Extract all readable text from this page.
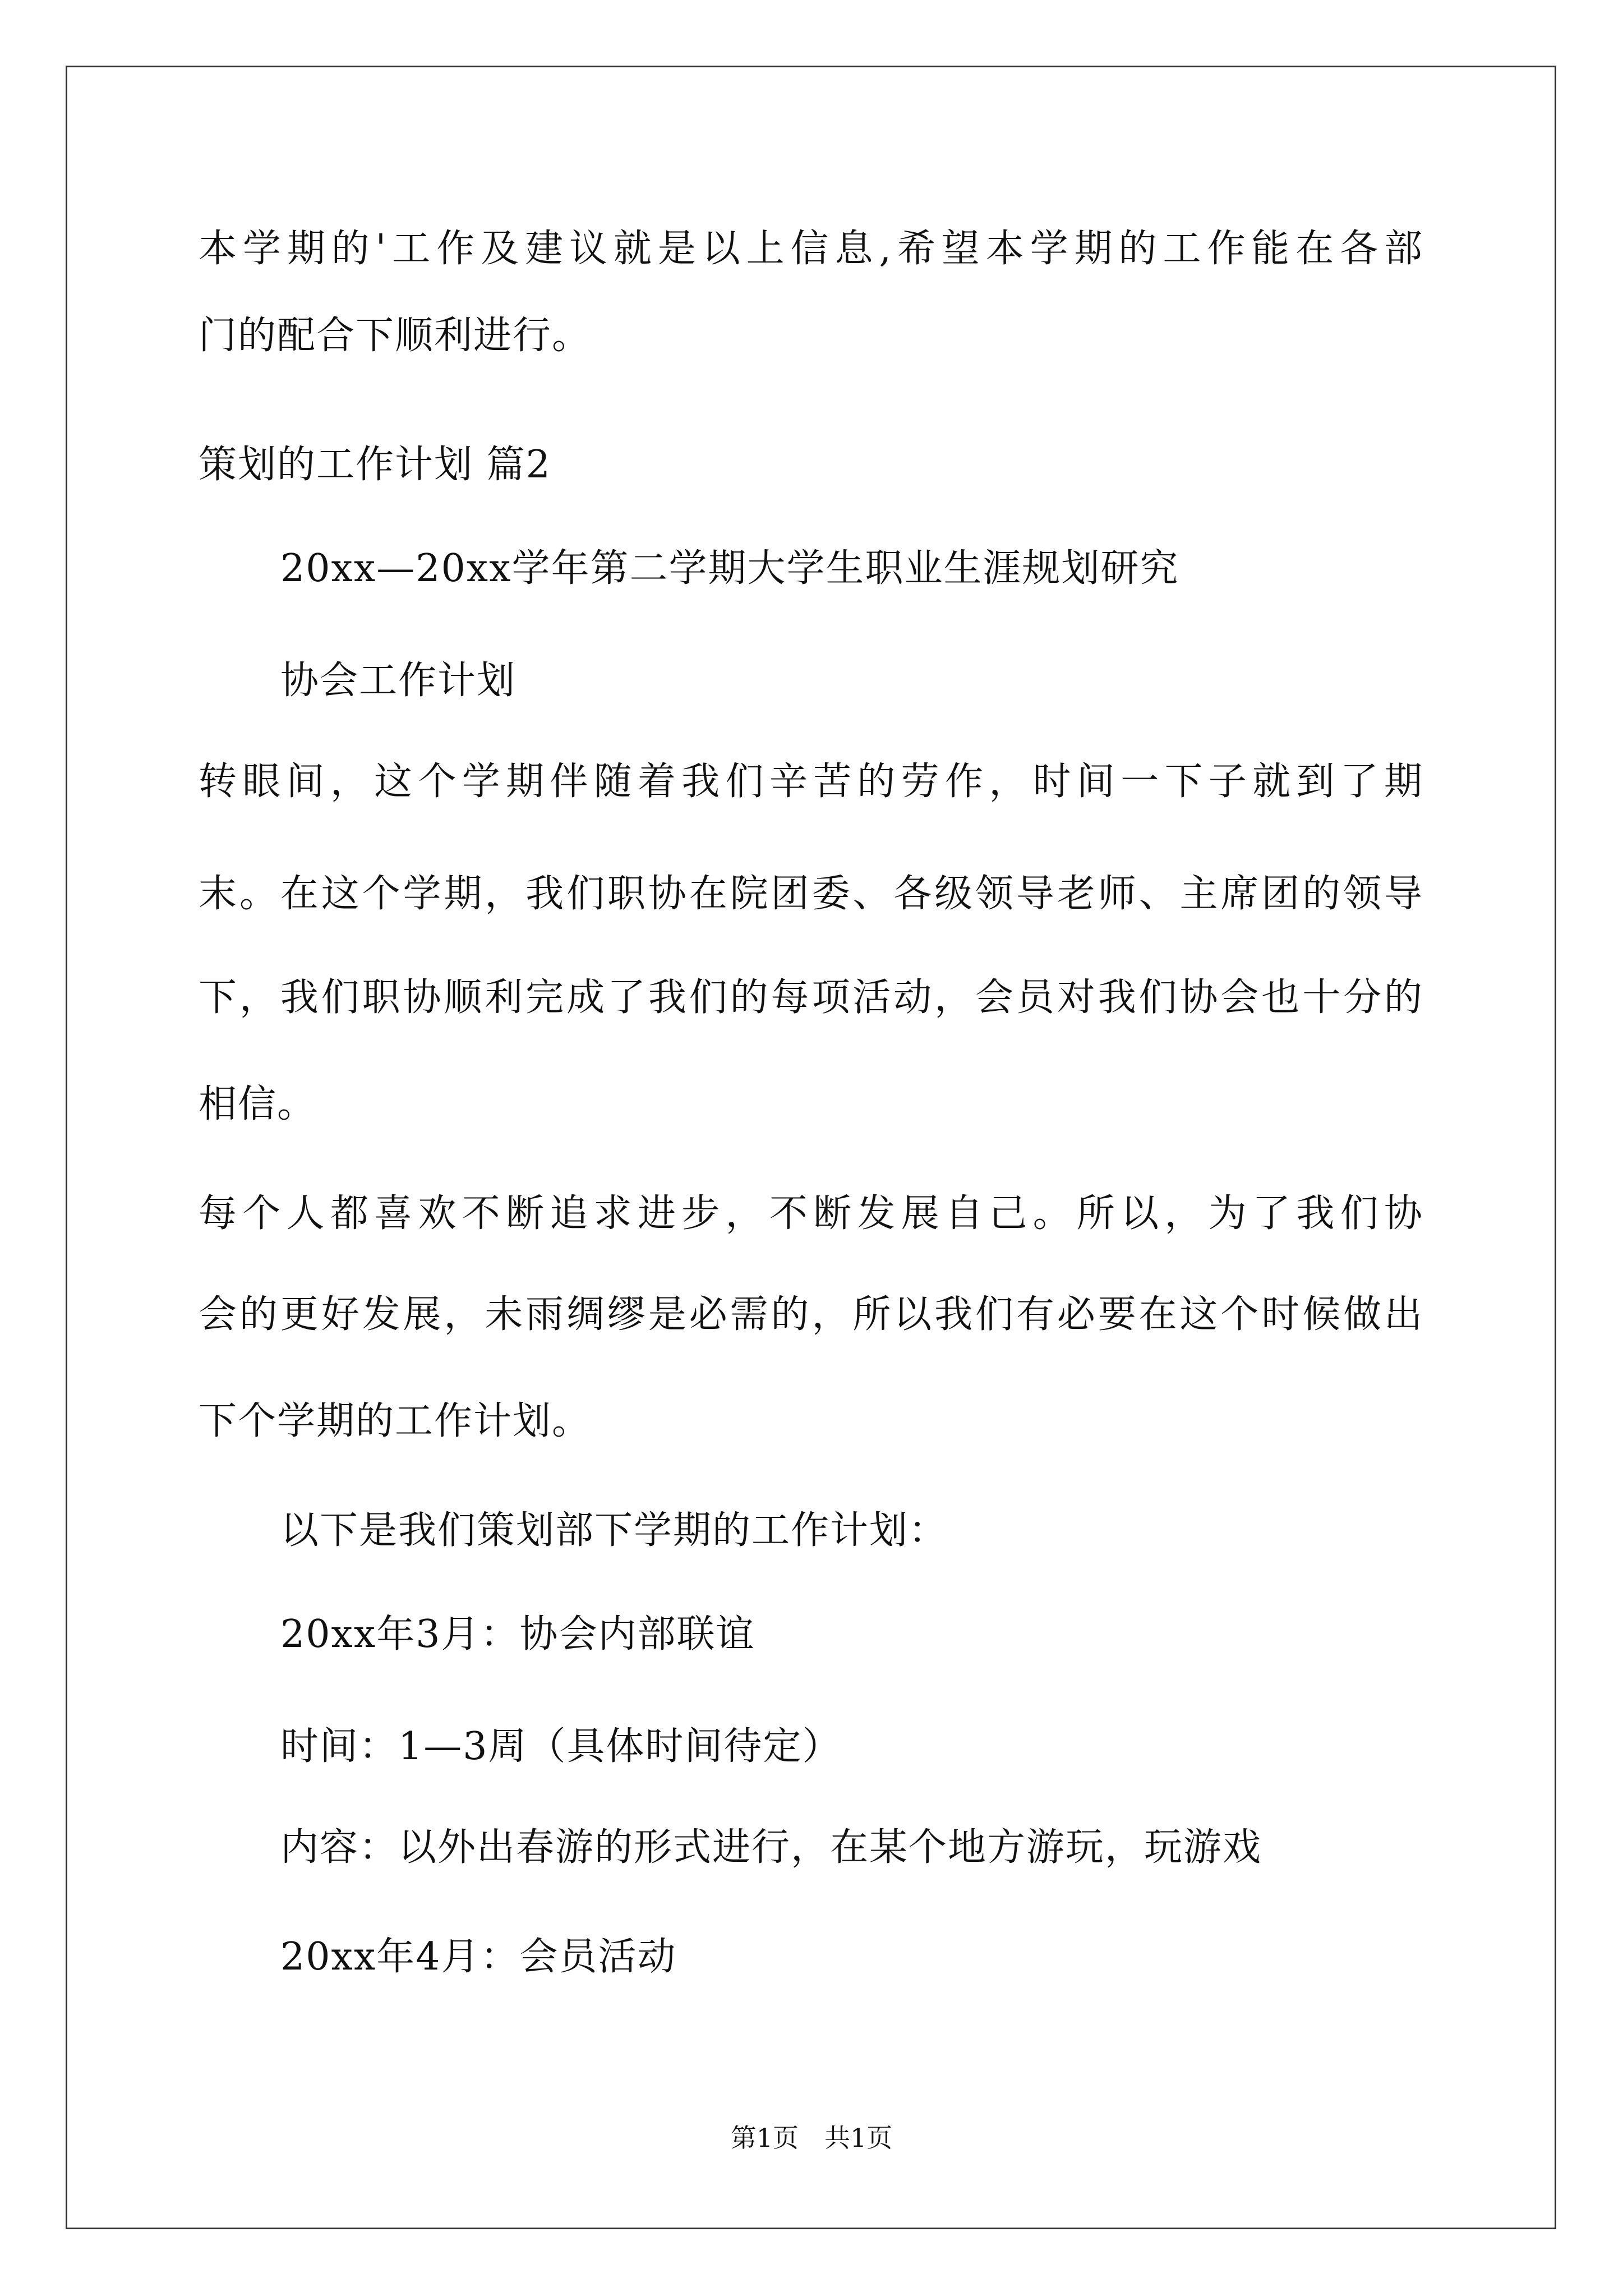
本学期的'工作及建议就是以上信息,希望本学期的工作能在各部
门的配合下顺利进行。
策划的工作计划 篇2
20xx—20xx学年第二学期大学生职业生涯规划研究
协会工作计划
转眼间，这个学期伴随着我们辛苦的劳作，时间一下子就到了期
末。在这个学期，我们职协在院团委、各级领导老师、主席团的领导
下，我们职协顺利完成了我们的每项活动，会员对我们协会也十分的
相信。
每个人都喜欢不断追求进步，不断发展自己。所以，为了我们协
会的更好发展，未雨绸缪是必需的，所以我们有必要在这个时候做出
下个学期的工作计划。
以下是我们策划部下学期的工作计划：
20xx年3月：协会内部联谊
时间：1—3周（具体时间待定）
内容：以外出春游的形式进行，在某个地方游玩，玩游戏
20xx年4月：会员活动
第1页　共1页
